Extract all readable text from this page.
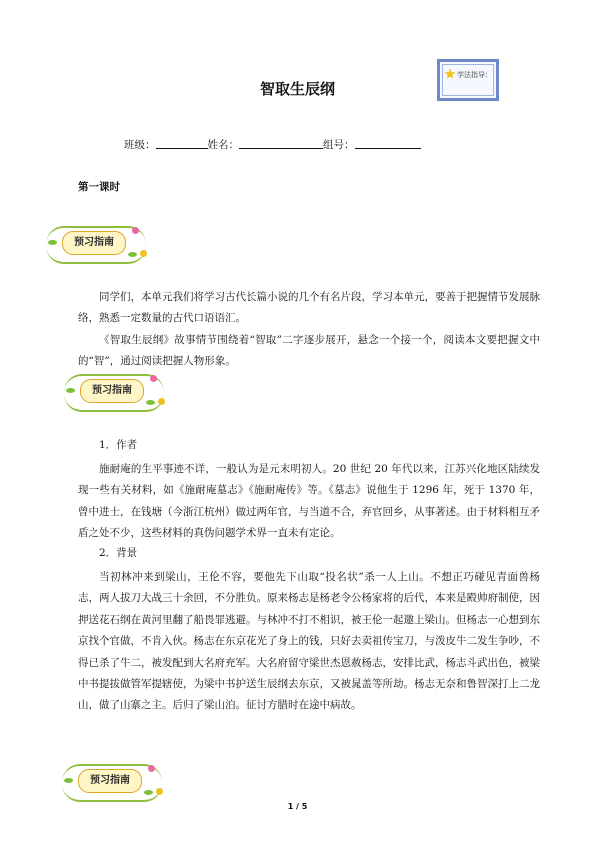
智取生辰纲
学法指导：
班级：	姓名：	组号：
第一课时
预习指南

同学们，本单元我们将学习古代长篇小说的几个有名片段，学习本单元，要善于把握情节发展脉络，熟悉一定数量的古代口语语汇。

《智取生辰纲》故事情节围绕着“智取”二字逐步展开，悬念一个接一个，阅读本文要把握文中的“智”，通过阅读把握人物形象。

预习指南

1．作者

施耐庵的生平事迹不详，一般认为是元末明初人。20 世纪 20 年代以来，江苏兴化地区陆续发现一些有关材料，如《施耐庵墓志》《施耐庵传》等。《墓志》说他生于 1296 年，死于 1370 年，曾中进士，在钱塘（今浙江杭州）做过两年官，与当道不合，弃官回乡，从事著述。由于材料相互矛盾之处不少，这些材料的真伪问题学术界一直未有定论。

2．背景

当初林冲来到梁山，王伦不容，要他先下山取“投名状”杀一人上山。不想正巧碰见青面兽杨志，两人拔刀大战三十余回，不分胜负。原来杨志是杨老令公杨家将的后代，本来是殿帅府制使，因押送花石纲在黄河里翻了船畏罪逃避。与林冲不打不相识，被王伦一起邀上梁山。但杨志一心想到东京找个官做，不肯入伙。杨志在东京花光了身上的钱，只好去卖祖传宝刀，与泼皮牛二发生争吵，不得已杀了牛二，被发配到大名府充军。大名府留守梁世杰恩赦杨志，安排比武，杨志斗武出色，被梁中书提拔做管军提辖使，为梁中书护送生辰纲去东京，又被晁盖等所劫。杨志无奈和鲁智深打上二龙山，做了山寨之主。后归了梁山泊。征讨方腊时在途中病故。

预习指南
1 / 5
